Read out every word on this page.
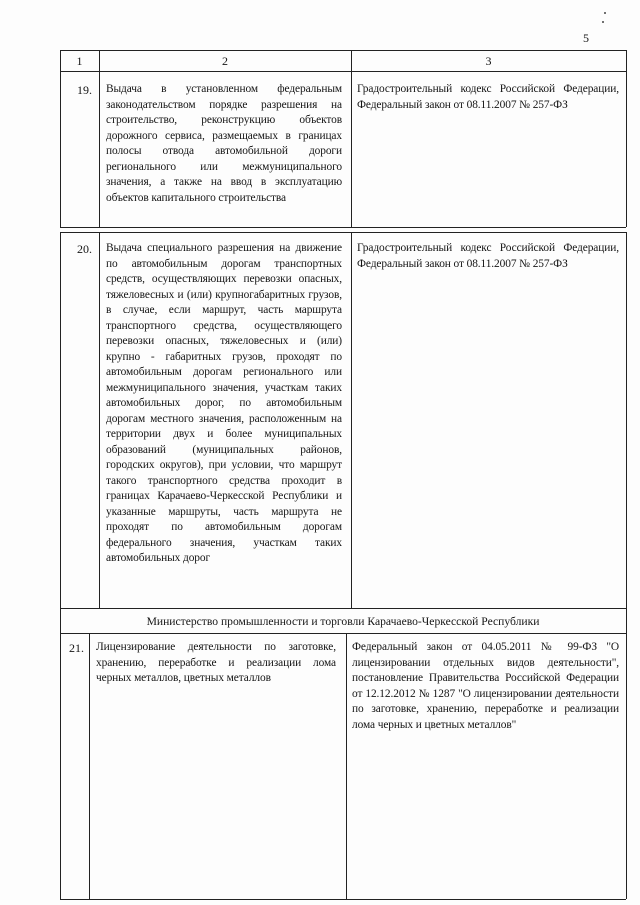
5
1	2	3
19. Выдача в установленном федеральным законодательством порядке разрешения на строительство, реконструкцию объектов дорожного сервиса, размещаемых в границах полосы отвода автомобильной дороги регионального или межмуниципального значения, а также на ввод в эксплуатацию объектов капитального строительства
Градостроительный кодекс Российской Федерации, Федеральный закон от 08.11.2007 № 257-ФЗ
20. Выдача специального разрешения на движение по автомобильным дорогам транспортных средств, осуществляющих перевозки опасных, тяжеловесных и (или) крупногабаритных грузов, в случае, если маршрут, часть маршрута транспортного средства, осуществляющего перевозки опасных, тяжеловесных и (или) крупно - габаритных грузов, проходят по автомобильным дорогам регионального или межмуниципального значения, участкам таких автомобильных дорог, по автомобильным дорогам местного значения, расположенным на территории двух и более муниципальных образований (муниципальных районов, городских округов), при условии, что маршрут такого транспортного средства проходит в границах Карачаево-Черкесской Республики и указанные маршруты, часть маршрута не проходят по автомобильным дорогам федерального значения, участкам таких автомобильных дорог
Градостроительный кодекс Российской Федерации, Федеральный закон от 08.11.2007 № 257-ФЗ
Министерство промышленности и торговли Карачаево-Черкесской Республики
21. Лицензирование деятельности по заготовке, хранению, переработке и реализации лома черных металлов, цветных металлов
Федеральный закон от 04.05.2011 № 99-ФЗ "О лицензировании отдельных видов деятельности", постановление Правительства Российской Федерации от 12.12.2012 № 1287 "О лицензировании деятельности по заготовке, хранению, переработке и реализации лома черных и цветных металлов"
